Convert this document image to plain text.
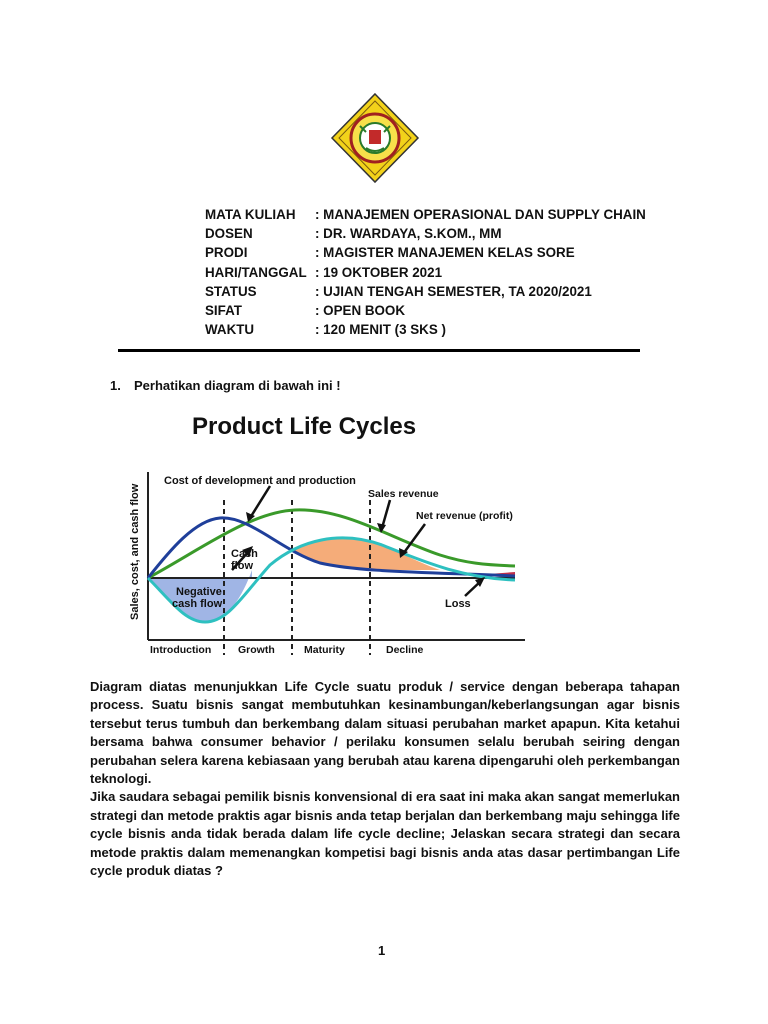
MATA KULIAH	: MANAJEMEN OPERASIONAL DAN SUPPLY CHAIN
DOSEN	: DR. WARDAYA, S.KOM., MM
PRODI	: MAGISTER MANAJEMEN KELAS SORE
HARI/TANGGAL : 19 OKTOBER 2021
STATUS	: UJIAN TENGAH SEMESTER, TA 2020/2021
SIFAT	: OPEN BOOK
WAKTU	: 120 MENIT (3 SKS )
1. Perhatikan diagram di bawah ini !
Product Life Cycles
Sales, cost, and cash flow
Cost of development and production
Sales revenue
Net revenue (profit)
Cash
flow
Negative
cash flow	Loss
Introduction	Growth	Maturity	Decline

Diagram diatas menunjukkan Life Cycle suatu produk / service dengan beberapa tahapan process. Suatu bisnis sangat membutuhkan kesinambungan/keberlangsungan agar bisnis tersebut terus tumbuh dan berkembang dalam situasi perubahan market apapun. Kita ketahui bersama bahwa consumer behavior / perilaku konsumen selalu berubah seiring dengan perubahan selera karena kebiasaan yang berubah atau karena dipengaruhi oleh perkembangan teknologi.

Jika saudara sebagai pemilik bisnis konvensional di era saat ini maka akan sangat memerlukan strategi dan metode praktis agar bisnis anda tetap berjalan dan berkembang maju sehingga life cycle bisnis anda tidak berada dalam life cycle decline; Jelaskan secara strategi dan secara metode praktis dalam memenangkan kompetisi bagi bisnis anda atas dasar pertimbangan Life cycle produk diatas ?

1
